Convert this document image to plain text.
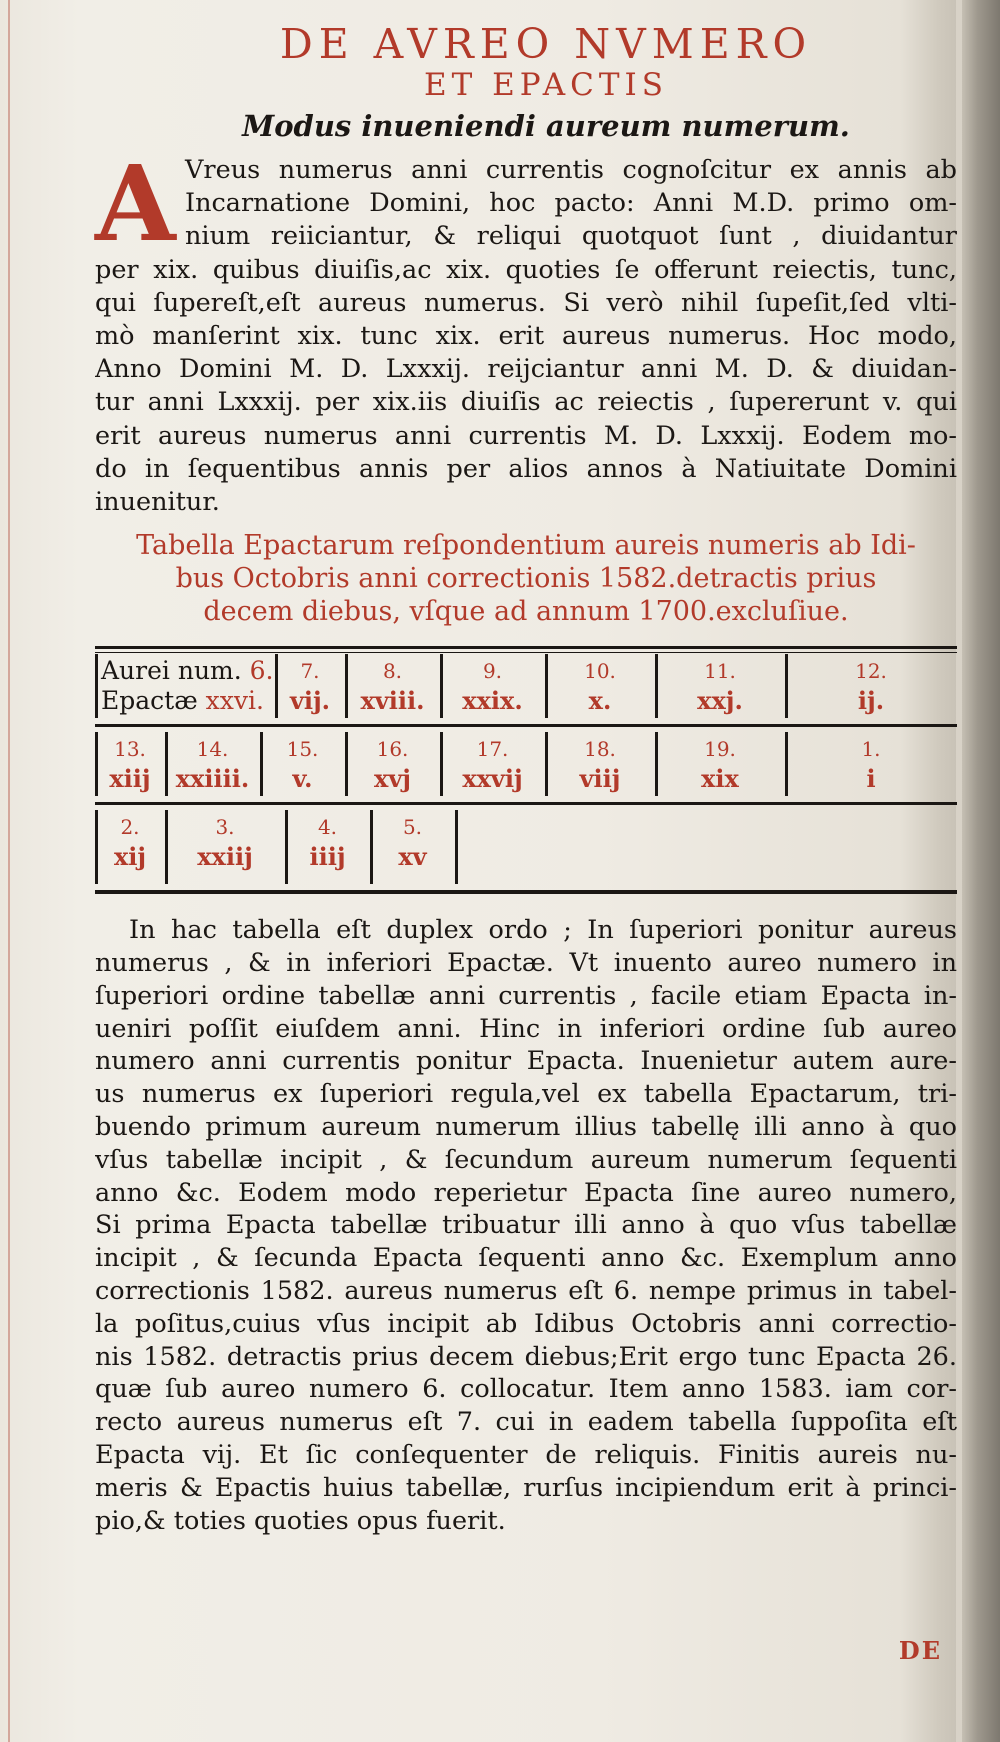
DE AVREO NVMERO
ET EPACTIS
Modus inueniendi aureum numerum.
A Vreus numerus anni currentis cognoſcitur ex annis ab
Incarnatione Domini, hoc pacto: Anni M.D. primo om-
nium reiiciantur, & reliqui quotquot ſunt , diuidantur
per xix. quibus diuiſis,ac xix. quoties ſe offerunt reiectis, tunc,
qui ſupereſt,eſt aureus numerus. Si verò nihil ſupeſit,ſed vlti-
mò manſerint xix. tunc xix. erit aureus numerus. Hoc modo,
Anno Domini M. D. Lxxxij. reijciantur anni M. D. & diuidan-
tur anni Lxxxij. per xix.iis diuiſis ac reiectis , ſupererunt v. qui
erit aureus numerus anni currentis M. D. Lxxxij. Eodem mo-
do in ſequentibus annis per alios annos à Natiuitate Domini
inuenitur.
Tabella Epactarum reſpondentium aureis numeris ab Idi-
bus Octobris anni correctionis 1582.detractis prius
decem diebus, vſque ad annum 1700.excluſiue.
Aurei num. 6.
Epactæ xxvi.
7.
vij.
8.
xviii.
9.
xxix.
10.
x.
11.
xxj.
12.
ij.
13.
xiij
14.
xxiiii.
15.
v.
16.
xvj
17.
xxvij
18.
viij
19.
xix
1.
i
2.
xij
3.
xxiij
4.
iiij
5.
xv
In hac tabella eſt duplex ordo ; In ſuperiori ponitur aureus
numerus , & in inferiori Epactæ. Vt inuento aureo numero in
ſuperiori ordine tabellæ anni currentis , facile etiam Epacta in-
ueniri poſſit eiuſdem anni. Hinc in inferiori ordine ſub aureo
numero anni currentis ponitur Epacta. Inuenietur autem aure-
us numerus ex ſuperiori regula,vel ex tabella Epactarum, tri-
buendo primum aureum numerum illius tabellę illi anno à quo
vſus tabellæ incipit , & ſecundum aureum numerum ſequenti
anno &c. Eodem modo reperietur Epacta ſine aureo numero,
Si prima Epacta tabellæ tribuatur illi anno à quo vſus tabellæ
incipit , & ſecunda Epacta ſequenti anno &c. Exemplum anno
correctionis 1582. aureus numerus eſt 6. nempe primus in tabel-
la poſitus,cuius vſus incipit ab Idibus Octobris anni correctio-
nis 1582. detractis prius decem diebus;Erit ergo tunc Epacta 26.
quæ ſub aureo numero 6. collocatur. Item anno 1583. iam cor-
recto aureus numerus eſt 7. cui in eadem tabella ſuppoſita eſt
Epacta vij. Et ſic conſequenter de reliquis. Finitis aureis nu-
meris & Epactis huius tabellæ, rurſus incipiendum erit à princi-
pio,& toties quoties opus fuerit.
DE
